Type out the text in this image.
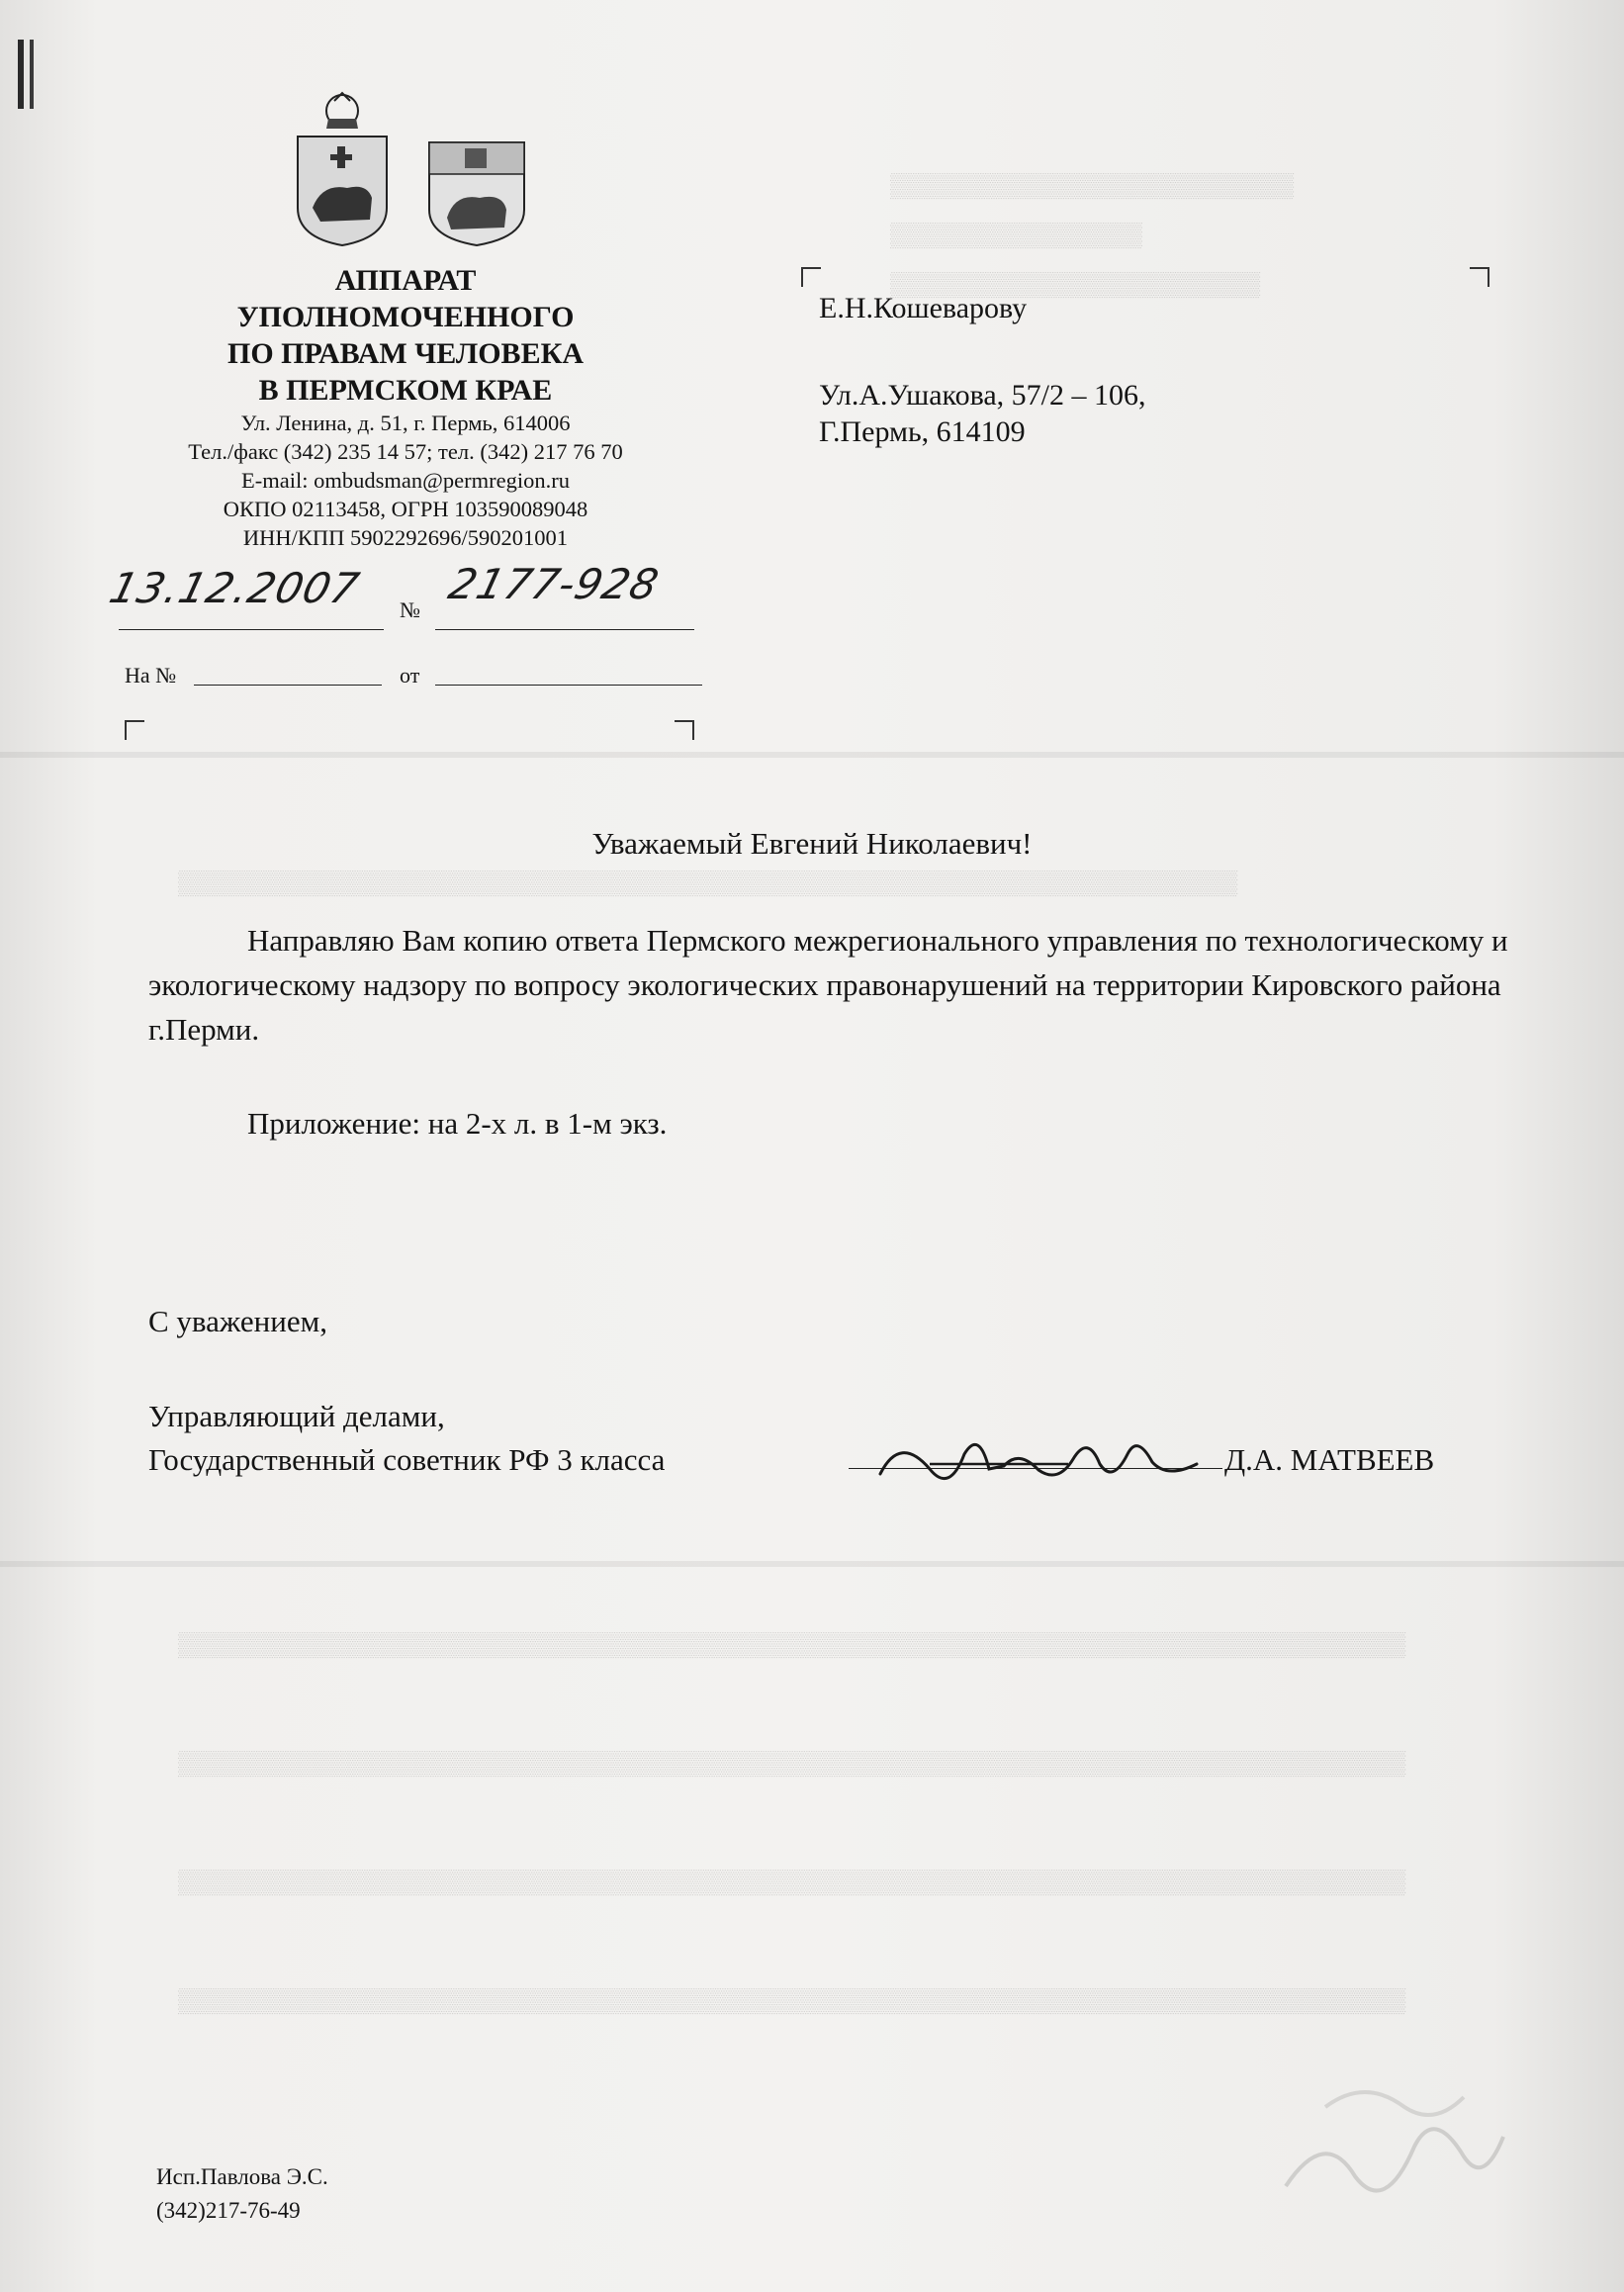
▒▒▒▒▒▒▒▒▒▒▒▒▒▒▒▒▒▒▒▒▒▒▒▒
▒▒▒▒▒▒▒▒▒▒▒▒▒▒▒
▒▒▒▒▒▒▒▒▒▒▒▒▒▒▒▒▒▒▒▒▒▒
▒▒▒▒▒▒▒▒▒▒▒▒▒▒▒▒▒▒▒▒▒▒▒▒▒▒▒▒▒▒▒▒▒▒▒▒▒▒▒▒▒▒▒▒▒▒▒▒▒▒▒▒▒▒▒▒▒▒▒▒▒▒▒
▒▒▒▒▒▒▒▒▒▒▒▒▒▒▒▒▒▒▒▒▒▒▒▒▒▒▒▒▒▒▒▒▒▒▒▒▒▒▒▒▒▒▒▒▒▒▒▒▒▒▒▒▒▒▒▒▒▒▒▒▒▒▒▒▒▒▒▒▒▒▒▒▒
▒▒▒▒▒▒▒▒▒▒▒▒▒▒▒▒▒▒▒▒▒▒▒▒▒▒▒▒▒▒▒▒▒▒▒▒▒▒▒▒▒▒▒▒▒▒▒▒▒▒▒▒▒▒▒▒▒▒▒▒▒▒▒▒▒▒▒▒▒▒▒▒▒
▒▒▒▒▒▒▒▒▒▒▒▒▒▒▒▒▒▒▒▒▒▒▒▒▒▒▒▒▒▒▒▒▒▒▒▒▒▒▒▒▒▒▒▒▒▒▒▒▒▒▒▒▒▒▒▒▒▒▒▒▒▒▒▒▒▒▒▒▒▒▒▒▒
▒▒▒▒▒▒▒▒▒▒▒▒▒▒▒▒▒▒▒▒▒▒▒▒▒▒▒▒▒▒▒▒▒▒▒▒▒▒▒▒▒▒▒▒▒▒▒▒▒▒▒▒▒▒▒▒▒▒▒▒▒▒▒▒▒▒▒▒▒▒▒▒▒
АППАРАТ
УПОЛНОМОЧЕННОГО
ПО ПРАВАМ ЧЕЛОВЕКА
В ПЕРМСКОМ КРАЕ
Ул. Ленина, д. 51, г. Пермь, 614006
Тел./факс (342) 235 14 57; тел. (342) 217 76 70
E-mail: ombudsman@permregion.ru
ОКПО 02113458, ОГРН 103590089048
ИНН/КПП 5902292696/590201001
13.12.2007 №
2177-928
На №	от
Е.Н.Кошеварову
Ул.А.Ушакова, 57/2 – 106,
Г.Пермь, 614109
Уважаемый Евгений Николаевич!
Направляю Вам копию ответа Пермского межрегионального управления по технологическому и экологическому надзору по вопросу экологических правонарушений на территории Кировского района г.Перми.
Приложение: на 2-х л. в 1-м экз.
С уважением,
Управляющий делами,
Государственный советник РФ 3 класса	Д.А. МАТВЕЕВ
Исп.Павлова Э.С.
(342)217-76-49
